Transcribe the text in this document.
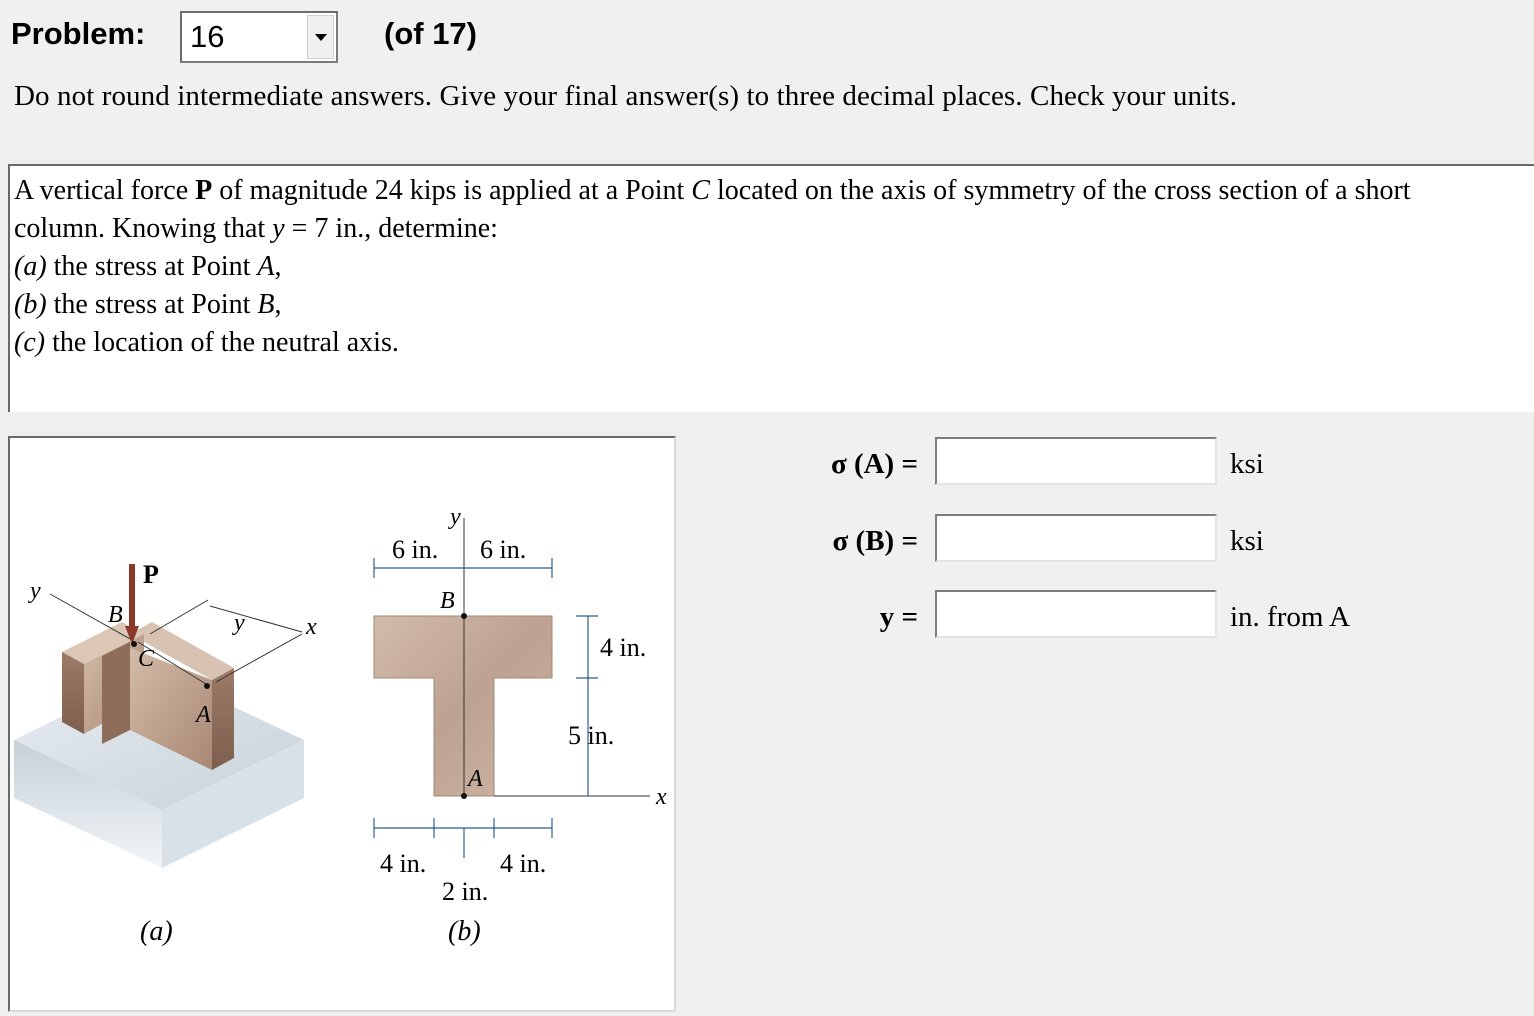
Problem: 16	(of 17)
Do not round intermediate answers. Give your final answer(s) to three decimal places. Check your units.
A vertical force P of magnitude 24 kips is applied at a Point C located on the axis of symmetry of the cross section of a short
column. Knowing that y = 7 in., determine:
(a) the stress at Point A,
(b) the stress at Point B,
(c) the location of the neutral axis.
P
B
C
A
y
y	x
(a)
y
6 in. 6 in.
B
4 in.
5 in.
A
x
4 in.	4 in.
2 in.
(b)
σ (A) =	ksi
σ (B) =	ksi
y =	in. from A
